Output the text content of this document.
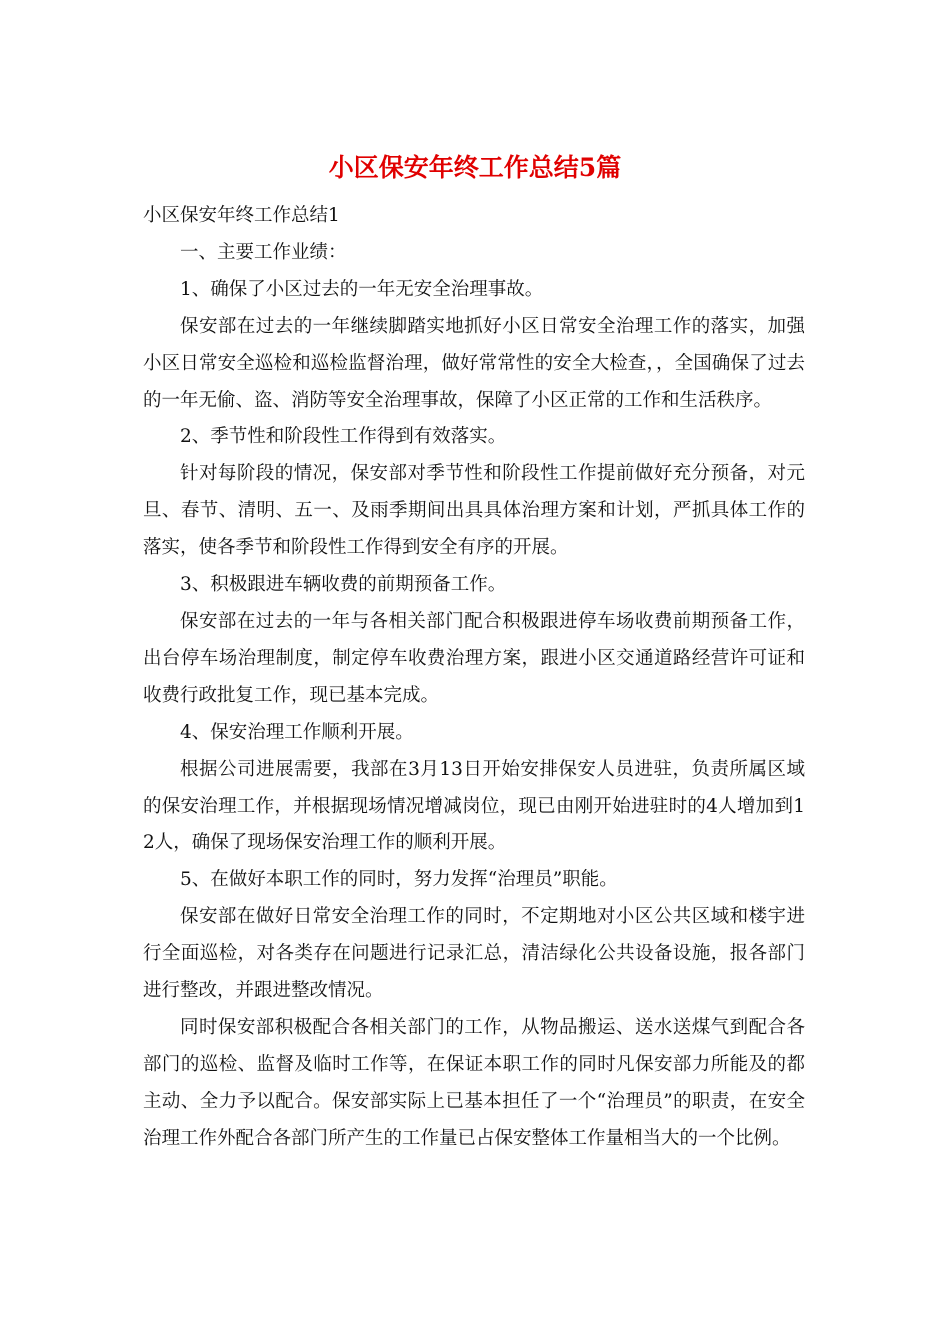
小区保安年终工作总结5篇

小区保安年终工作总结1

一、主要工作业绩：

1、确保了小区过去的一年无安全治理事故。

保安部在过去的一年继续脚踏实地抓好小区日常安全治理工作的落实，加强小区日常安全巡检和巡检监督治理，做好常常性的安全大检查，，全国确保了过去的一年无偷、盗、消防等安全治理事故，保障了小区正常的工作和生活秩序。

2、季节性和阶段性工作得到有效落实。

针对每阶段的情况，保安部对季节性和阶段性工作提前做好充分预备，对元旦、春节、清明、五一、及雨季期间出具具体治理方案和计划，严抓具体工作的落实，使各季节和阶段性工作得到安全有序的开展。

3、积极跟进车辆收费的前期预备工作。

保安部在过去的一年与各相关部门配合积极跟进停车场收费前期预备工作，出台停车场治理制度，制定停车收费治理方案，跟进小区交通道路经营许可证和收费行政批复工作，现已基本完成。

4、保安治理工作顺利开展。

根据公司进展需要，我部在3月13日开始安排保安人员进驻，负责所属区域的保安治理工作，并根据现场情况增减岗位，现已由刚开始进驻时的4人增加到12人，确保了现场保安治理工作的顺利开展。

5、在做好本职工作的同时，努力发挥“治理员”职能。

保安部在做好日常安全治理工作的同时，不定期地对小区公共区域和楼宇进行全面巡检，对各类存在问题进行记录汇总，清洁绿化公共设备设施，报各部门进行整改，并跟进整改情况。

同时保安部积极配合各相关部门的工作，从物品搬运、送水送煤气到配合各部门的巡检、监督及临时工作等，在保证本职工作的同时凡保安部力所能及的都主动、全力予以配合。保安部实际上已基本担任了一个“治理员”的职责，在安全治理工作外配合各部门所产生的工作量已占保安整体工作量相当大的一个比例。
